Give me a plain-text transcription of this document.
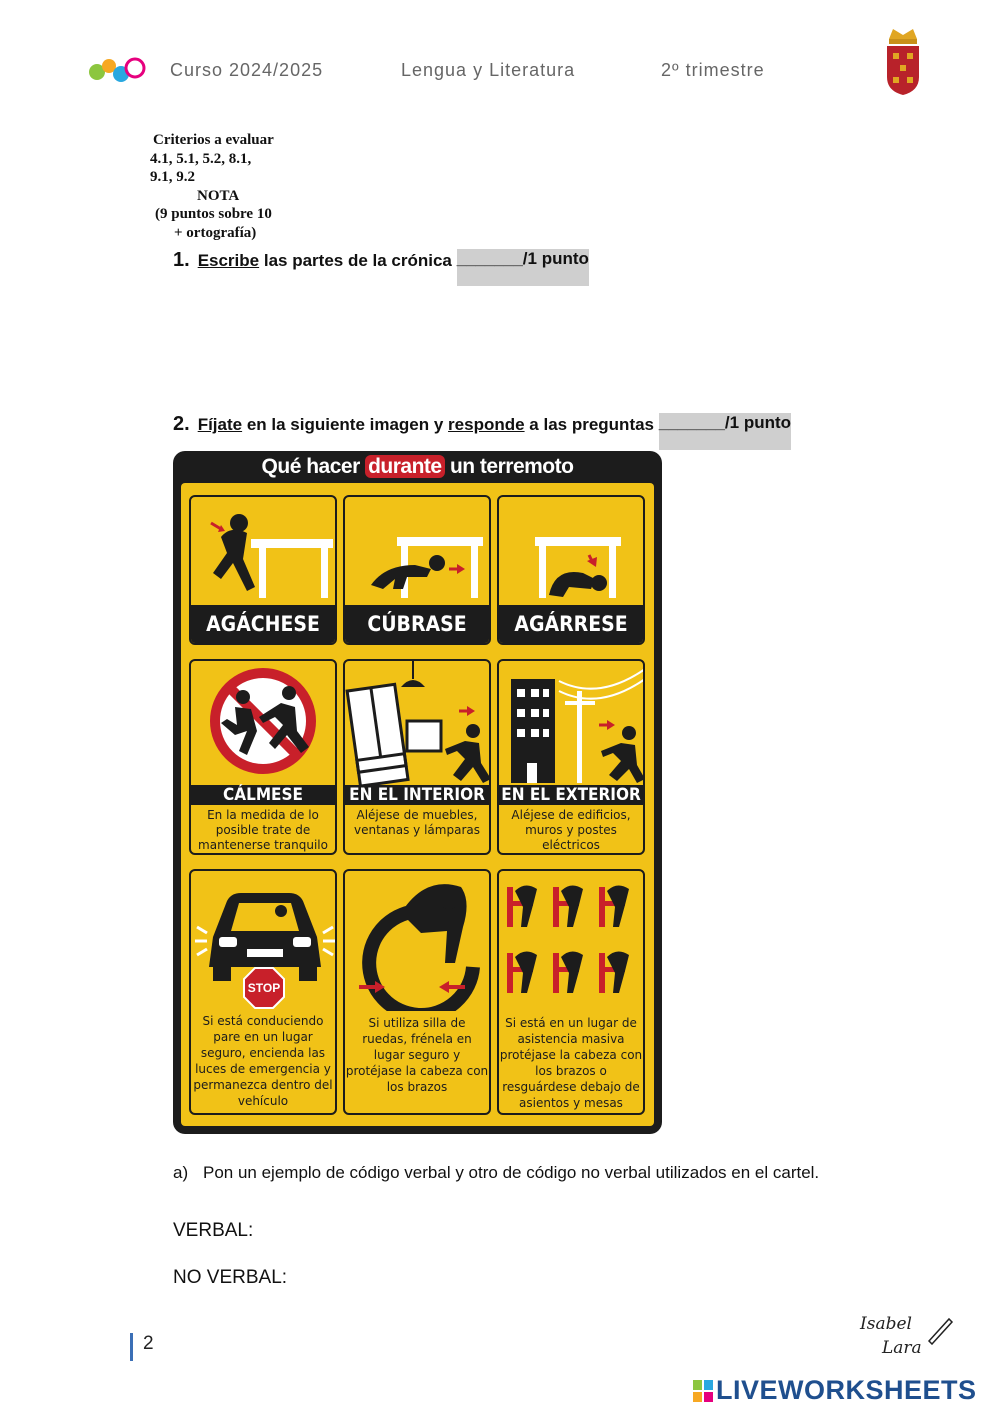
Curso 2024/2025	Lengua y Literatura	2º trimestre
Criterios a evaluar
4.1, 5.1, 5.2, 8.1,
9.1, 9.2
NOTA
(9 puntos sobre 10
+ ortografía)
1. Escribe las partes de la crónica _______/1 punto
2. Fíjate en la siguiente imagen y responde a las preguntas _______/1 punto
Qué hacer durante un terremoto
AGÁCHESE	CÚBRASE	AGÁRRESE
CÁLMESE
En la medida de lo posible trate de mantenerse tranquilo
EN EL INTERIOR
Aléjese de muebles, ventanas y lámparas
EN EL EXTERIOR
Aléjese de edificios, muros y postes eléctricos
STOP
Si está conduciendo pare en un lugar seguro, encienda las luces de emergencia y permanezca dentro del vehículo
Si utiliza silla de ruedas, frénela en lugar seguro y protéjase la cabeza con los brazos
Si está en un lugar de asistencia masiva protéjase la cabeza con los brazos o resguárdese debajo de asientos y mesas
a) Pon un ejemplo de código verbal y otro de código no verbal utilizados en el cartel.
VERBAL:
NO VERBAL:
2
Isabel
Lara
LIVEWORKSHEETS
